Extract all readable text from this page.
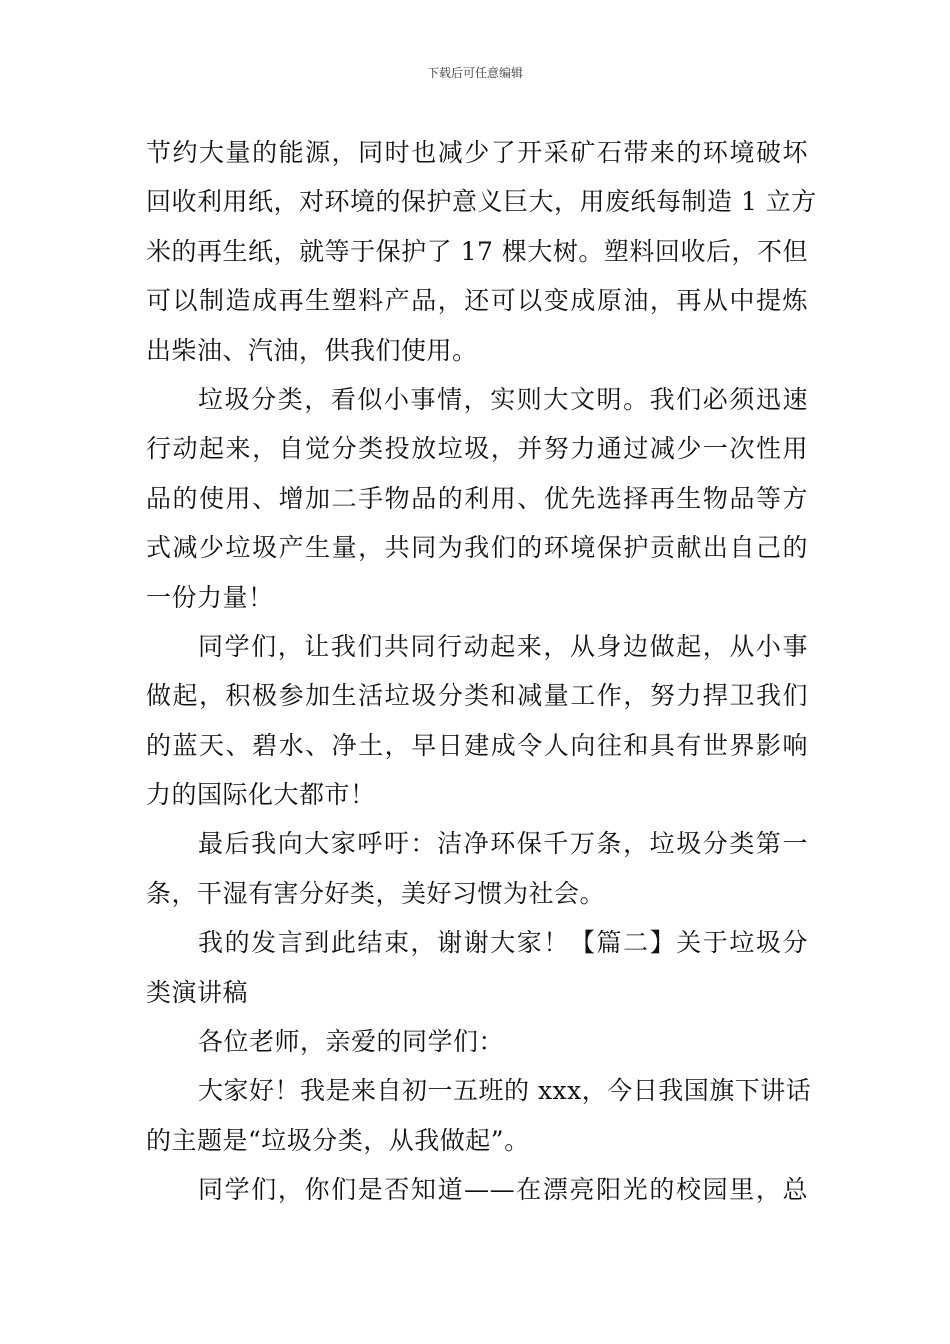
下载后可任意编辑
节约大量的能源，同时也减少了开采矿石带来的环境破坏
回收利用纸，对环境的保护意义巨大，用废纸每制造 1 立方
米的再生纸，就等于保护了 17 棵大树。塑料回收后，不但
可以制造成再生塑料产品，还可以变成原油，再从中提炼
出柴油、汽油，供我们使用。
垃圾分类，看似小事情，实则大文明。我们必须迅速
行动起来，自觉分类投放垃圾，并努力通过减少一次性用
品的使用、增加二手物品的利用、优先选择再生物品等方
式减少垃圾产生量，共同为我们的环境保护贡献出自己的
一份力量！
同学们，让我们共同行动起来，从身边做起，从小事
做起，积极参加生活垃圾分类和减量工作，努力捍卫我们
的蓝天、碧水、净土，早日建成令人向往和具有世界影响
力的国际化大都市！
最后我向大家呼吁：洁净环保千万条，垃圾分类第一
条，干湿有害分好类，美好习惯为社会。
我的发言到此结束，谢谢大家！【篇二】关于垃圾分
类演讲稿
各位老师，亲爱的同学们：
大家好！我是来自初一五班的 xxx，今日我国旗下讲话
的主题是“垃圾分类，从我做起”。
同学们，你们是否知道——在漂亮阳光的校园里，总
